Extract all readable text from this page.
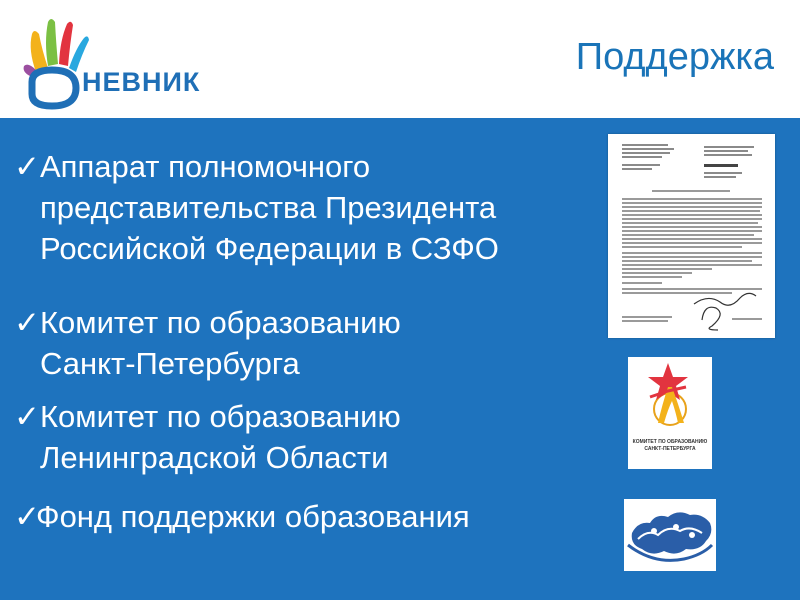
НЕВНИК
Поддержка
✓Аппарат полномочного
представительства Президента
Российской Федерации в СЗФО
✓Комитет по образованию
Санкт-Петербурга
✓Комитет по образованию
Ленинградской Области
✓Фонд поддержки образования
КОМИТЕТ ПО ОБРАЗОВАНИЮ
САНКТ-ПЕТЕРБУРГА
